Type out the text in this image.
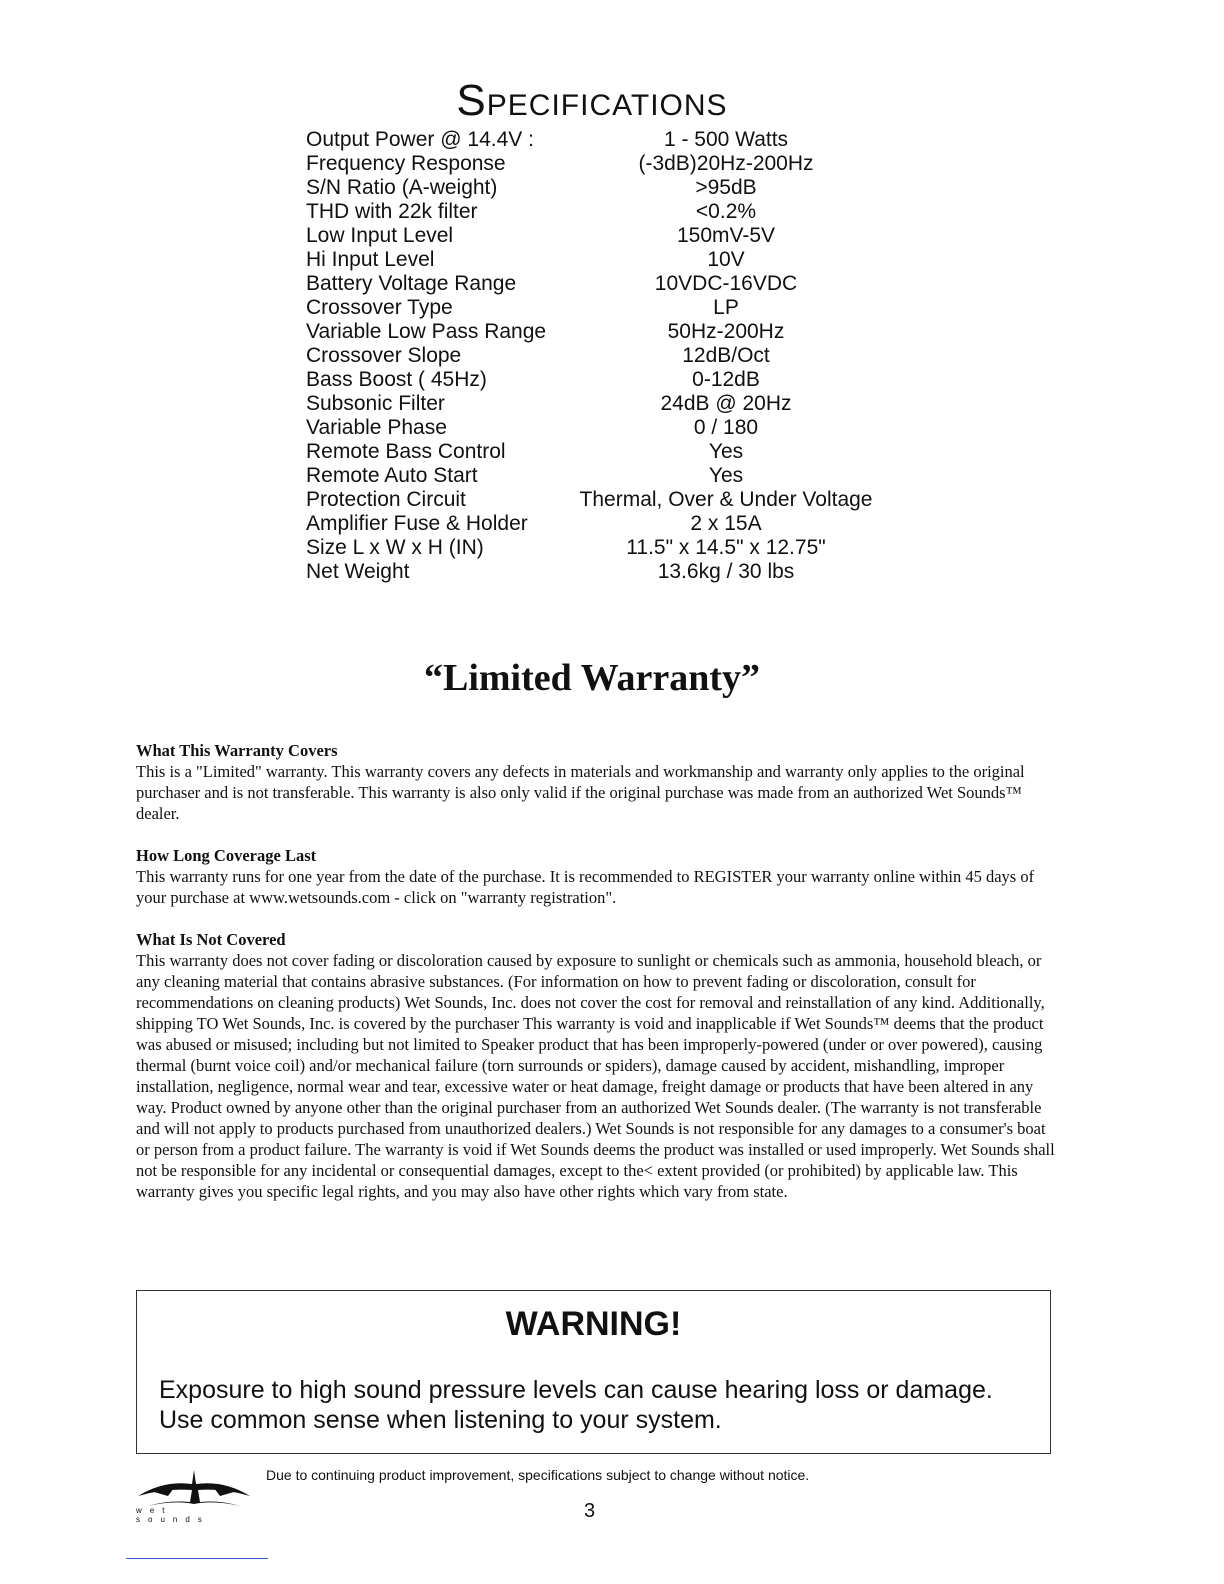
SPECIFICATIONS
Output Power @ 14.4V :	1 - 500 Watts
Frequency Response	(-3dB)20Hz-200Hz
S/N Ratio (A-weight)	>95dB
THD with 22k filter	<0.2%
Low Input Level	150mV-5V
Hi Input Level	10V
Battery Voltage Range	10VDC-16VDC
Crossover Type	LP
Variable Low Pass Range	50Hz-200Hz
Crossover Slope	12dB/Oct
Bass Boost ( 45Hz)	0-12dB
Subsonic Filter	24dB @ 20Hz
Variable Phase	0 / 180
Remote Bass Control	Yes
Remote Auto Start	Yes
Protection Circuit	Thermal, Over & Under Voltage
Amplifier Fuse & Holder	2 x 15A
Size L x W x H (IN)	11.5" x 14.5" x 12.75"
Net Weight	13.6kg / 30 lbs
“Limited Warranty”
What This Warranty Covers
This is a "Limited" warranty. This warranty covers any defects in materials and workmanship and warranty only applies to the original purchaser and is not transferable. This warranty is also only valid if the original purchase was made from an authorized Wet Sounds™ dealer.
How Long Coverage Last
This warranty runs for one year from the date of the purchase. It is recommended to REGISTER your warranty online within 45 days of your purchase at www.wetsounds.com - click on "warranty registration".
What Is Not Covered
This warranty does not cover fading or discoloration caused by exposure to sunlight or chemicals such as ammonia, household bleach, or any cleaning material that contains abrasive substances. (For information on how to prevent fading or discoloration, consult for recommendations on cleaning products) Wet Sounds, Inc. does not cover the cost for removal and reinstallation of any kind. Additionally, shipping TO Wet Sounds, Inc. is covered by the purchaser This warranty is void and inapplicable if Wet Sounds™ deems that the product was abused or misused; including but not limited to Speaker product that has been improperly-powered (under or over powered), causing thermal (burnt voice coil) and/or mechanical failure (torn surrounds or spiders), damage caused by accident, mishandling, improper installation, negligence, normal wear and tear, excessive water or heat damage, freight damage or products that have been altered in any way. Product owned by anyone other than the original purchaser from an authorized Wet Sounds dealer. (The warranty is not transferable and will not apply to products purchased from unauthorized dealers.) Wet Sounds is not responsible for any damages to a consumer's boat or person from a product failure. The warranty is void if Wet Sounds deems the product was installed or used improperly. Wet Sounds shall not be responsible for any incidental or consequential damages, except to the< extent provided (or prohibited) by applicable law. This warranty gives you specific legal rights, and you may also have other rights which vary from state.
WARNING!
Exposure to high sound pressure levels can cause hearing loss or damage.
Use common sense when listening to your system.
wet sounds
Due to continuing product improvement, specifications subject to change without notice.
3
